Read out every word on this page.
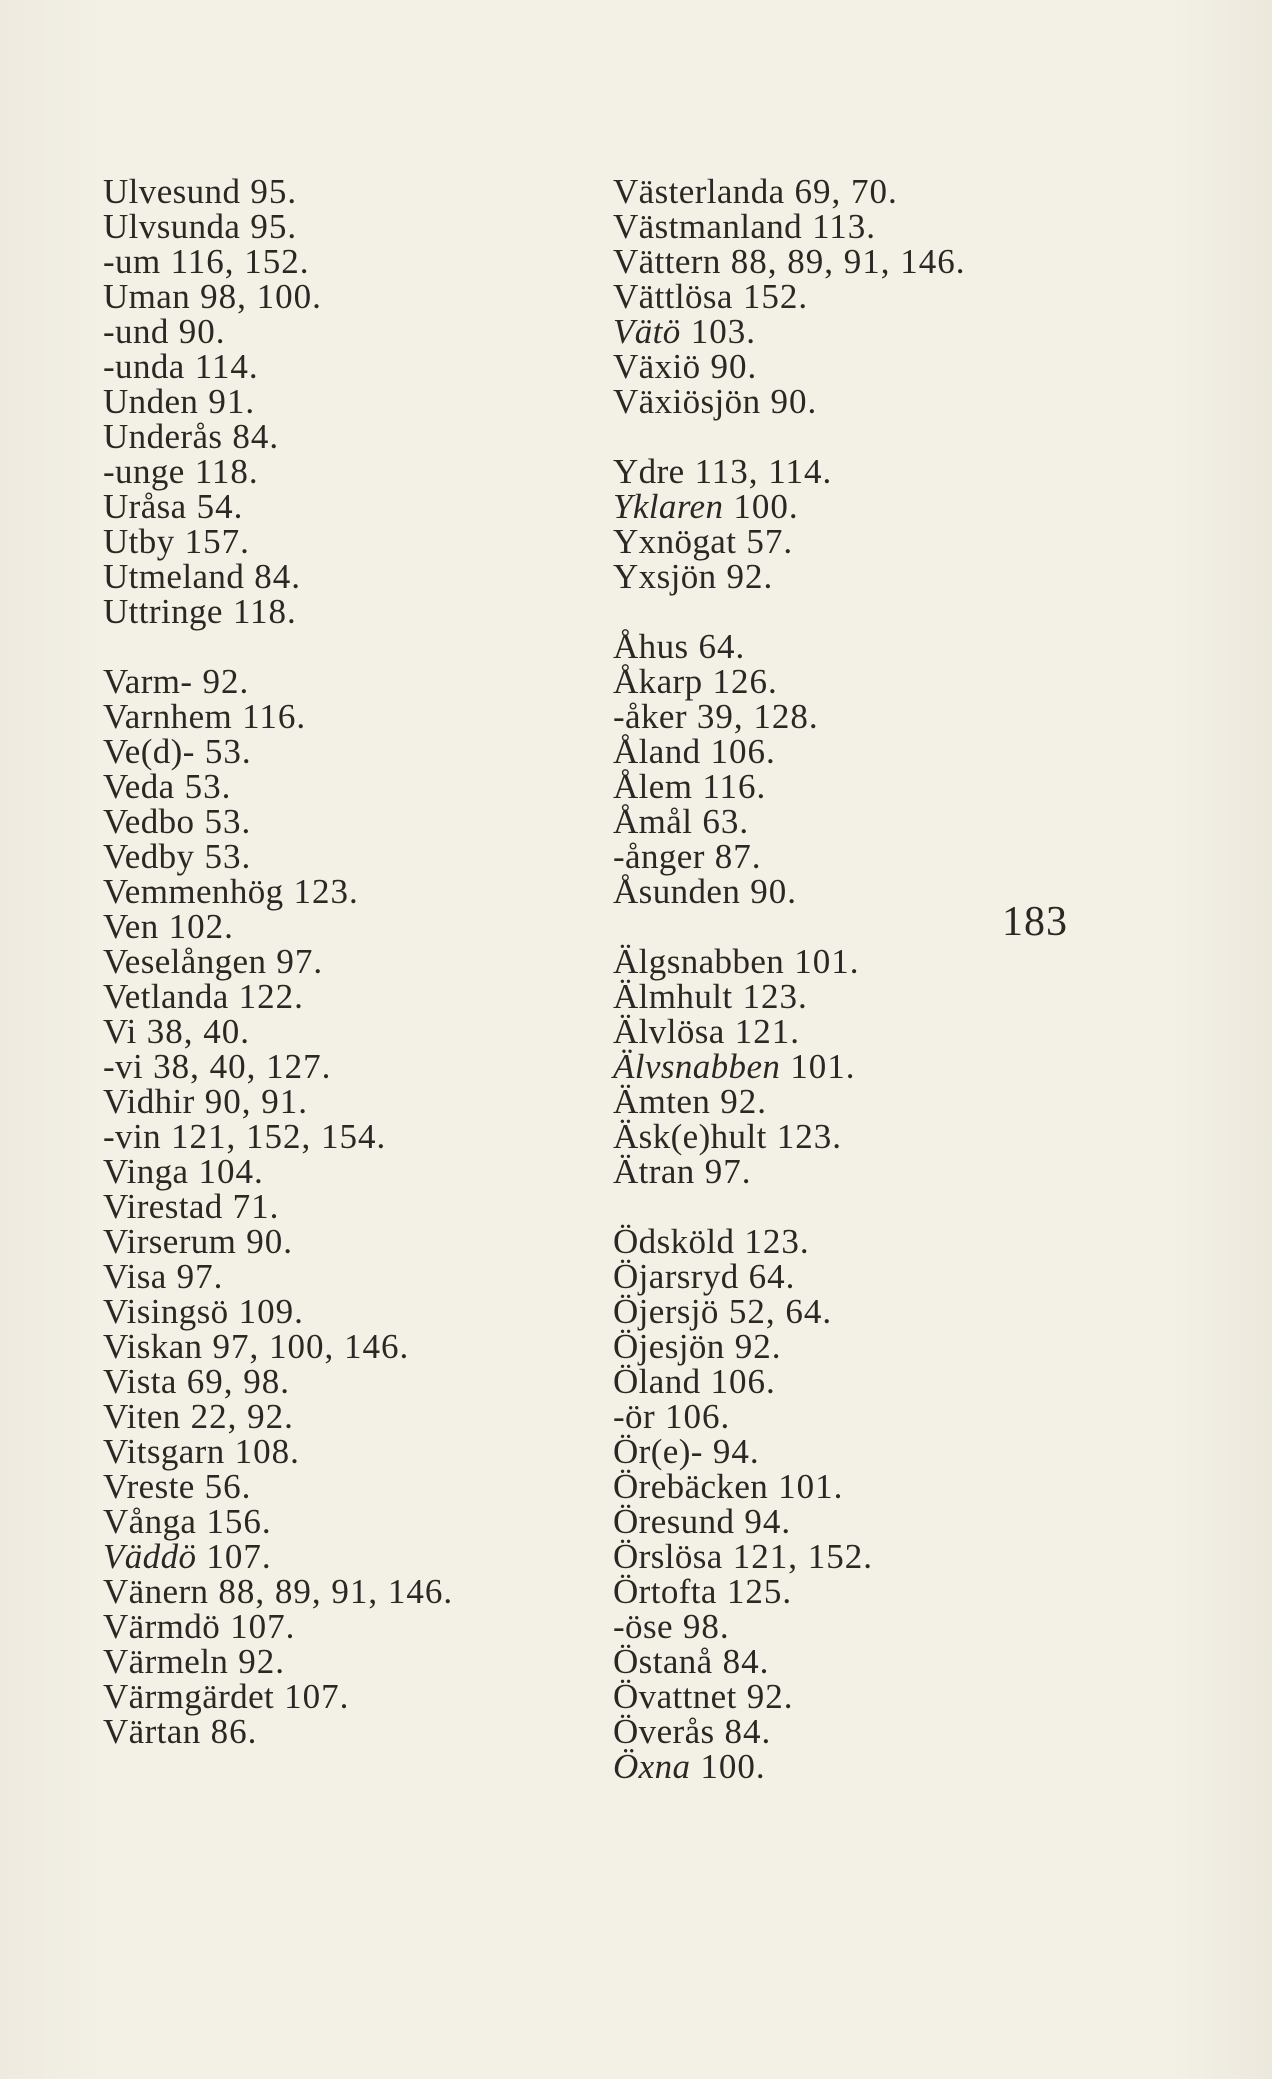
Ulvesund 95.
Ulvsunda 95.
-um 116, 152.
Uman 98, 100.
-und 90.
-unda 114.
Unden 91.
Underås 84.
-unge 118.
Uråsa 54.
Utby 157.
Utmeland 84.
Uttringe 118.
Varm- 92.
Varnhem 116.
Ve(d)- 53.
Veda 53.
Vedbo 53.
Vedby 53.
Vemmenhög 123.
Ven 102.
Veselången 97.
Vetlanda 122.
Vi 38, 40.
-vi 38, 40, 127.
Vidhir 90, 91.
-vin 121, 152, 154.
Vinga 104.
Virestad 71.
Virserum 90.
Visa 97.
Visingsö 109.
Viskan 97, 100, 146.
Vista 69, 98.
Viten 22, 92.
Vitsgarn 108.
Vreste 56.
Vånga 156.
Väddö 107.
Vänern 88, 89, 91, 146.
Värmdö 107.
Värmeln 92.
Värmgärdet 107.
Värtan 86.
Västerlanda 69, 70.
Västmanland 113.
Vättern 88, 89, 91, 146.
Vättlösa 152.
Vätö 103.
Växiö 90.
Växiösjön 90.
Ydre 113, 114.
Yklaren 100.
Yxnögat 57.
Yxsjön 92.
Åhus 64.
Åkarp 126.
-åker 39, 128.
Åland 106.
Ålem 116.
Åmål 63.
-ånger 87.
Åsunden 90.
Älgsnabben 101.
Älmhult 123.
Älvlösa 121.
Älvsnabben 101.
Ämten 92.
Äsk(e)hult 123.
Ätran 97.
Ödsköld 123.
Öjarsryd 64.
Öjersjö 52, 64.
Öjesjön 92.
Öland 106.
-ör 106.
Ör(e)- 94.
Örebäcken 101.
Öresund 94.
Örslösa 121, 152.
Örtofta 125.
-öse 98.
Östanå 84.
Övattnet 92.
Överås 84.
Öxna 100.
183
